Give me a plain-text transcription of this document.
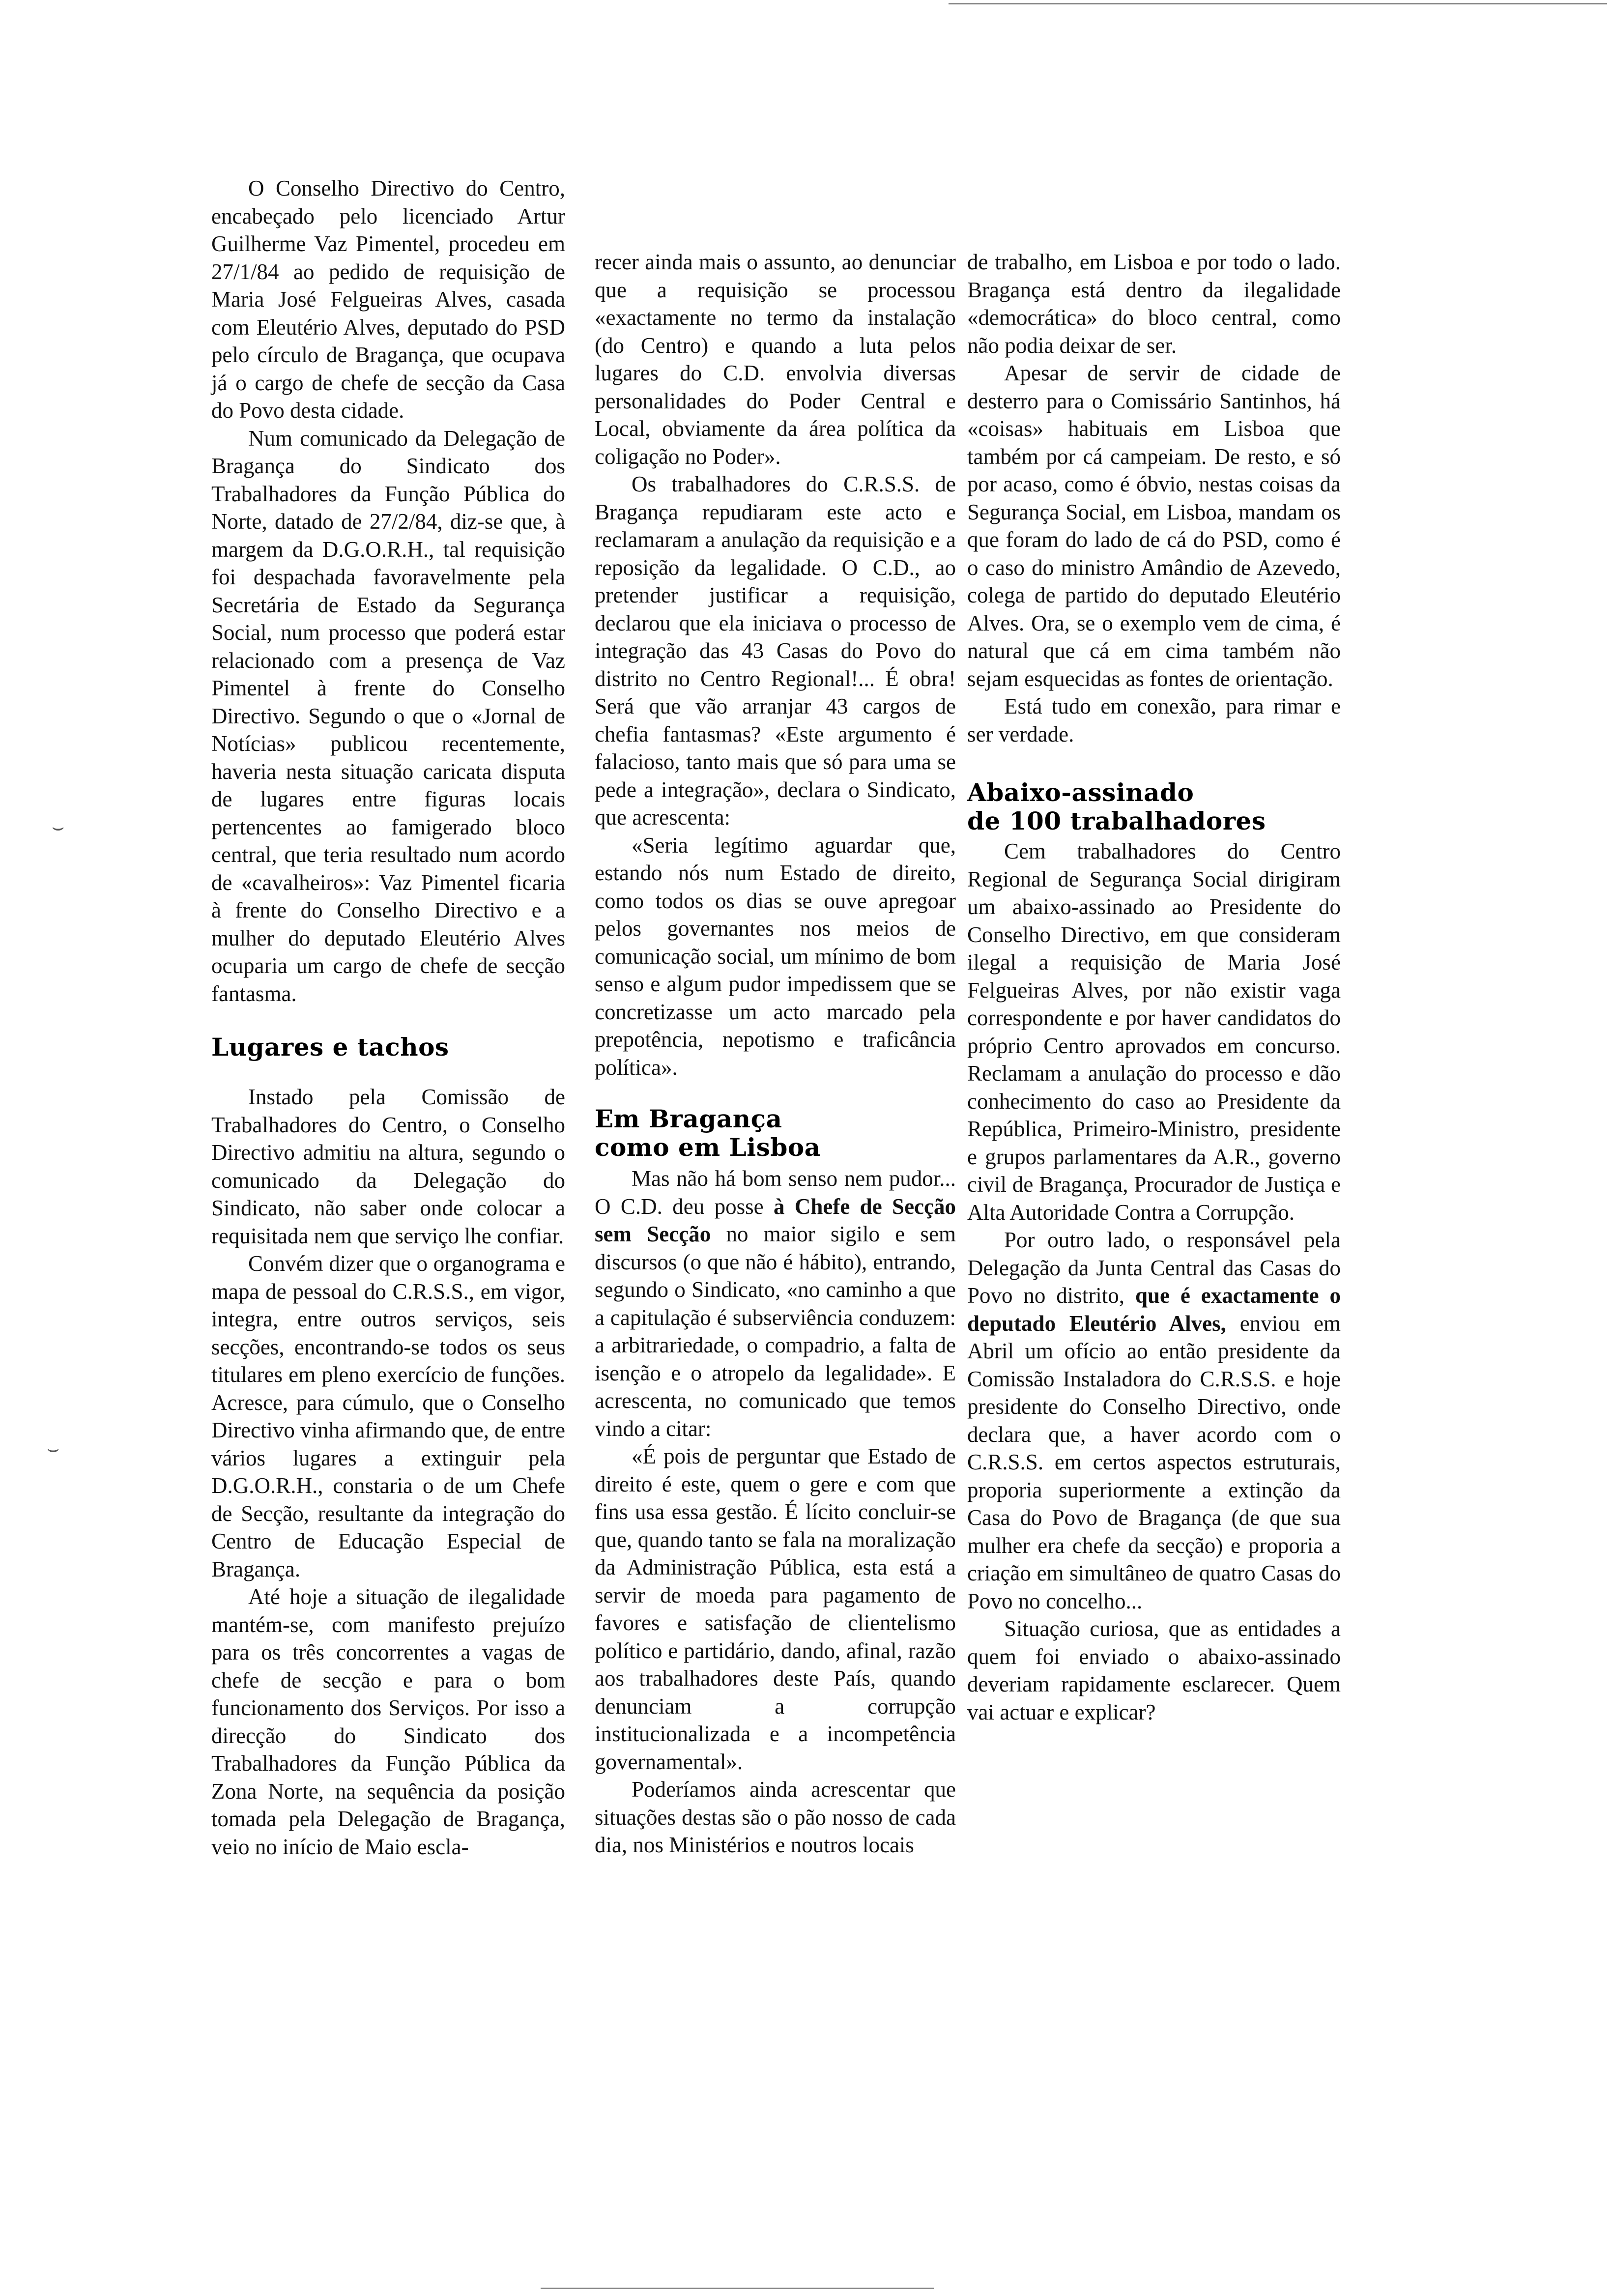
O Conselho Directivo do Centro, encabeçado pelo licenciado Artur Guilherme Vaz Pimentel, procedeu em 27/1/84 ao pedido de requisição de Maria José Felgueiras Alves, casada com Eleutério Alves, deputado do PSD pelo círculo de Bragança, que ocupava já o cargo de chefe de secção da Casa do Povo desta cidade.

Num comunicado da Delegação de Bragança do Sindicato dos Trabalhadores da Função Pública do Norte, datado de 27/2/84, diz-se que, à margem da D.G.O.R.H., tal requisição foi despachada favoravelmente pela Secretária de Estado da Segurança Social, num processo que poderá estar relacionado com a presença de Vaz Pimentel à frente do Conselho Directivo. Segundo o que o «Jornal de Notícias» publicou recentemente, haveria nesta situação caricata disputa de lugares entre figuras locais pertencentes ao famigerado bloco central, que teria resultado num acordo de «cavalheiros»: Vaz Pimentel ficaria à frente do Conselho Directivo e a mulher do deputado Eleutério Alves ocuparia um cargo de chefe de secção fantasma.

Lugares e tachos

Instado pela Comissão de Trabalhadores do Centro, o Conselho Directivo admitiu na altura, segundo o comunicado da Delegação do Sindicato, não saber onde colocar a requisitada nem que serviço lhe confiar.

Convém dizer que o organograma e mapa de pessoal do C.R.S.S., em vigor, integra, entre outros serviços, seis secções, encontrando-se todos os seus titulares em pleno exercício de funções. Acresce, para cúmulo, que o Conselho Directivo vinha afirmando que, de entre vários lugares a extinguir pela D.G.O.R.H., constaria o de um Chefe de Secção, resultante da integração do Centro de Educação Especial de Bragança.

Até hoje a situação de ilegalidade mantém-se, com manifesto prejuízo para os três concorrentes a vagas de chefe de secção e para o bom funcionamento dos Serviços. Por isso a direcção do Sindicato dos Trabalhadores da Função Pública da Zona Norte, na sequência da posição tomada pela Delegação de Bragança, veio no início de Maio escla-

recer ainda mais o assunto, ao denunciar que a requisição se processou «exactamente no termo da instalação (do Centro) e quando a luta pelos lugares do C.D. envolvia diversas personalidades do Poder Central e Local, obviamente da área política da coligação no Poder».

Os trabalhadores do C.R.S.S. de Bragança repudiaram este acto e reclamaram a anulação da requisição e a reposição da legalidade. O C.D., ao pretender justificar a requisição, declarou que ela iniciava o processo de integração das 43 Casas do Povo do distrito no Centro Regional!... É obra! Será que vão arranjar 43 cargos de chefia fantasmas? «Este argumento é falacioso, tanto mais que só para uma se pede a integração», declara o Sindicato, que acrescenta:

«Seria legítimo aguardar que, estando nós num Estado de direito, como todos os dias se ouve apregoar pelos governantes nos meios de comunicação social, um mínimo de bom senso e algum pudor impedissem que se concretizasse um acto marcado pela prepotência, nepotismo e traficância política».

Em Bragança
como em Lisboa

Mas não há bom senso nem pudor... O C.D. deu posse à Chefe de Secção sem Secção no maior sigilo e sem discursos (o que não é hábito), entrando, segundo o Sindicato, «no caminho a que a capitulação é subserviência conduzem: a arbitrariedade, o compadrio, a falta de isenção e o atropelo da legalidade». E acrescenta, no comunicado que temos vindo a citar:

«É pois de perguntar que Estado de direito é este, quem o gere e com que fins usa essa gestão. É lícito concluir-se que, quando tanto se fala na moralização da Administração Pública, esta está a servir de moeda para pagamento de favores e satisfação de clientelismo político e partidário, dando, afinal, razão aos trabalhadores deste País, quando denunciam a corrupção institucionalizada e a incompetência governamental».

Poderíamos ainda acrescentar que situações destas são o pão nosso de cada dia, nos Ministérios e noutros locais

de trabalho, em Lisboa e por todo o lado. Bragança está dentro da ilegalidade «democrática» do bloco central, como não podia deixar de ser.

Apesar de servir de cidade de desterro para o Comissário Santinhos, há «coisas» habituais em Lisboa que também por cá campeiam. De resto, e só por acaso, como é óbvio, nestas coisas da Segurança Social, em Lisboa, mandam os que foram do lado de cá do PSD, como é o caso do ministro Amândio de Azevedo, colega de partido do deputado Eleutério Alves. Ora, se o exemplo vem de cima, é natural que cá em cima também não sejam esquecidas as fontes de orientação.

Está tudo em conexão, para rimar e ser verdade.

Abaixo-assinado
de 100 trabalhadores

Cem trabalhadores do Centro Regional de Segurança Social dirigiram um abaixo-assinado ao Presidente do Conselho Directivo, em que consideram ilegal a requisição de Maria José Felgueiras Alves, por não existir vaga correspondente e por haver candidatos do próprio Centro aprovados em concurso. Reclamam a anulação do processo e dão conhecimento do caso ao Presidente da República, Primeiro-Ministro, presidente e grupos parlamentares da A.R., governo civil de Bragança, Procurador de Justiça e Alta Autoridade Contra a Corrupção.

Por outro lado, o responsável pela Delegação da Junta Central das Casas do Povo no distrito, que é exactamente o deputado Eleutério Alves, enviou em Abril um ofício ao então presidente da Comissão Instaladora do C.R.S.S. e hoje presidente do Conselho Directivo, onde declara que, a haver acordo com o C.R.S.S. em certos aspectos estruturais, proporia superiormente a extinção da Casa do Povo de Bragança (de que sua mulher era chefe da secção) e proporia a criação em simultâneo de quatro Casas do Povo no concelho...

Situação curiosa, que as entidades a quem foi enviado o abaixo-assinado deveriam rapidamente esclarecer. Quem vai actuar e explicar?

⌣
⌣
